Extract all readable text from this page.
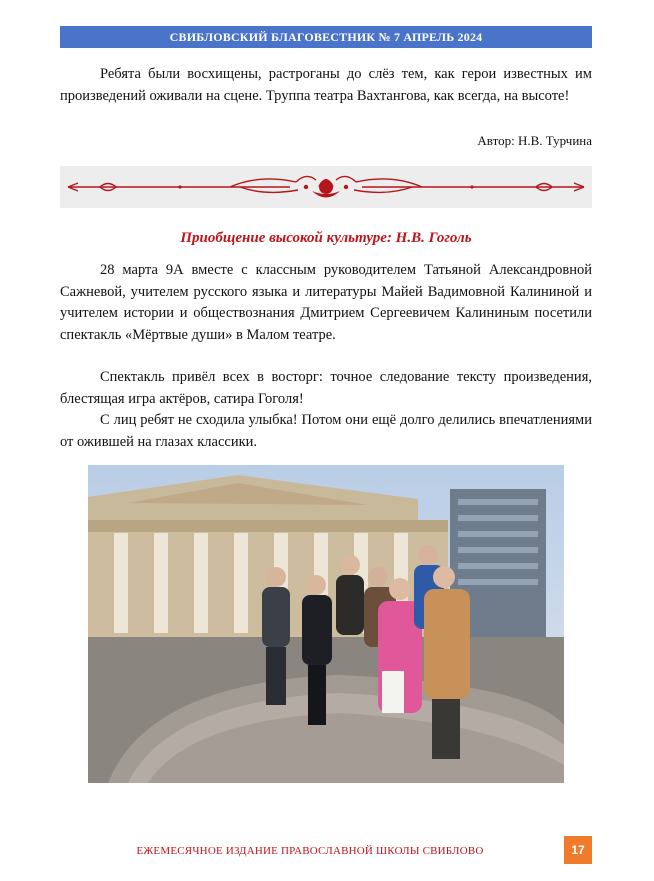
СВИБЛОВСКИЙ БЛАГОВЕСТНИК № 7 АПРЕЛЬ 2024

Ребята были восхищены, растроганы до слёз тем, как герои известных им произведений оживали на сцене. Труппа театра Вахтангова, как всегда, на высоте!

Автор: Н.В. Турчина
Приобщение высокой культуре: Н.В. Гоголь

28 марта 9А вместе с классным руководителем Татьяной Александровной Сажневой, учителем русского языка и литературы Майей Вадимовной Калининой и учителем истории и обществознания Дмитрием Сергеевичем Калининым посетили спектакль «Мёртвые души» в Малом театре.

Спектакль привёл всех в восторг: точное следование тексту произведения, блестящая игра актёров, сатира Гоголя!

С лиц ребят не сходила улыбка! Потом они ещё долго делились впечатлениями от ожившей на глазах классики.

ЕЖЕМЕСЯЧНОЕ ИЗДАНИЕ ПРАВОСЛАВНОЙ ШКОЛЫ СВИБЛОВО	17
